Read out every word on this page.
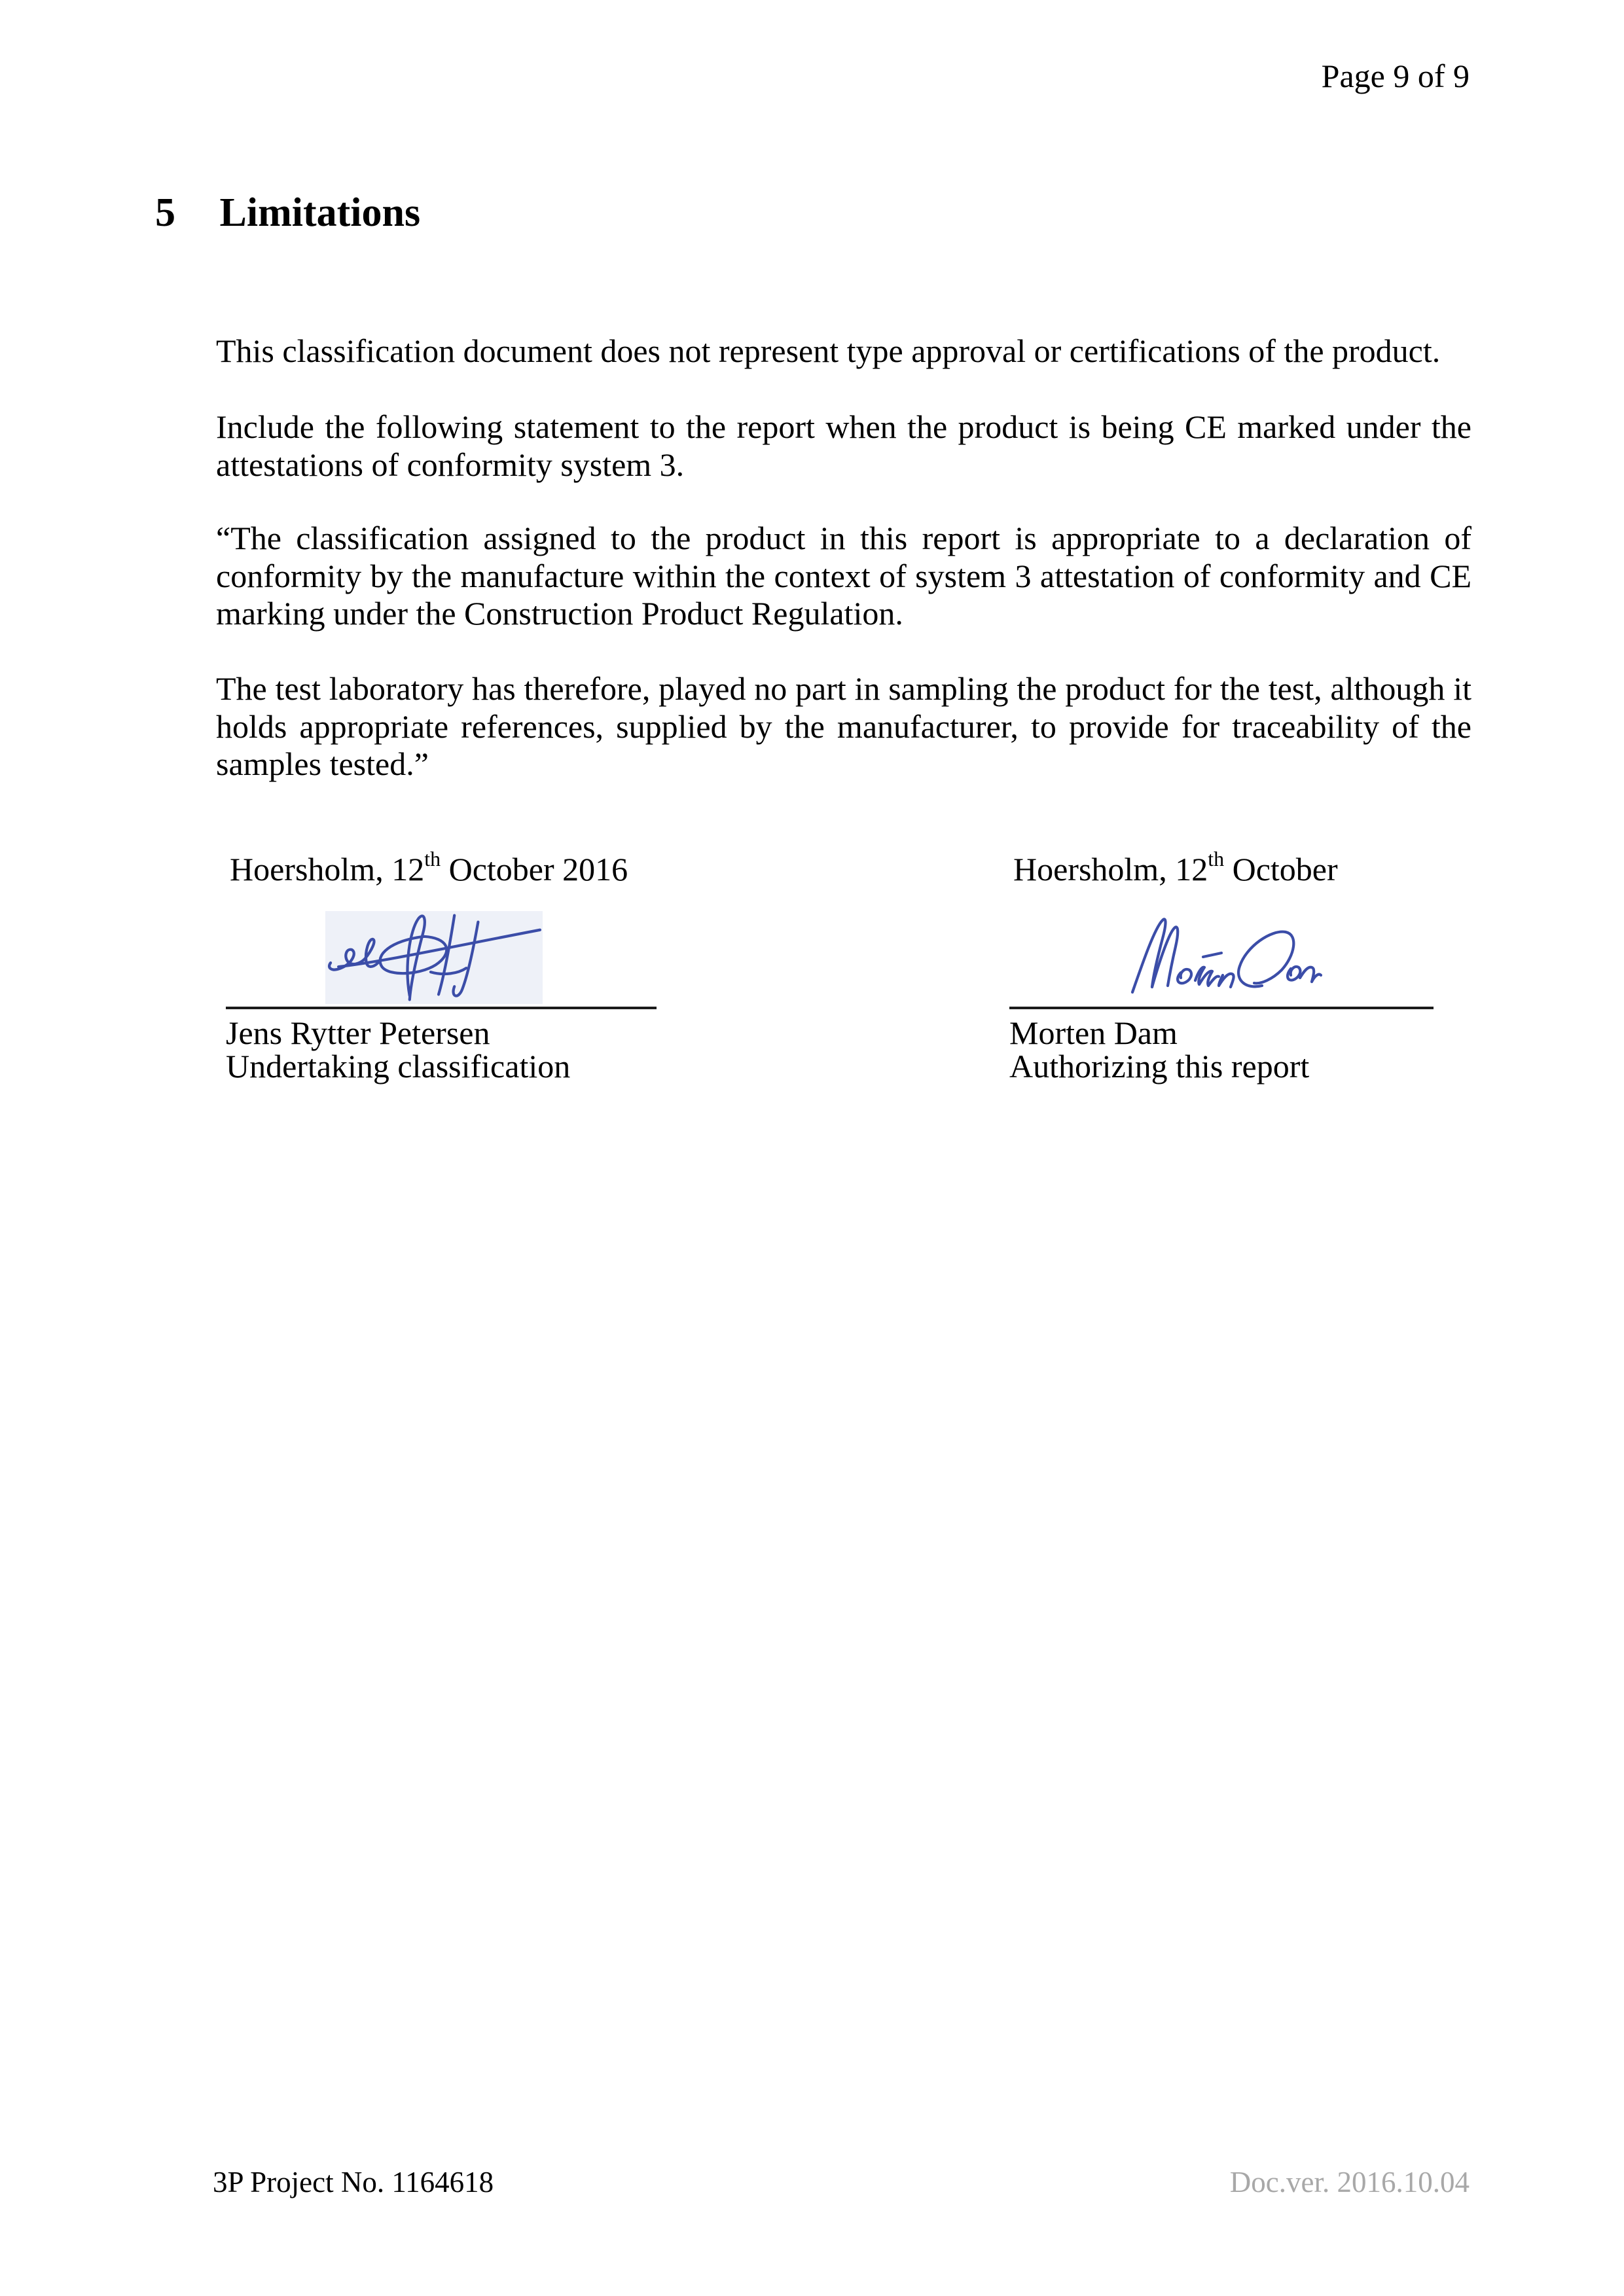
Page 9 of 9
5 Limitations

This classification document does not represent type approval or certifications of the product.

Include the following statement to the report when the product is being CE marked under the attestations of conformity system 3.

“The classification assigned to the product in this report is appropriate to a declaration of conformity by the manufacture within the context of system 3 attestation of conformity and CE marking under the Construction Product Regulation.

The test laboratory has therefore, played no part in sampling the product for the test, although it holds appropriate references, supplied by the manufacturer, to provide for traceability of the samples tested.”

Hoersholm, 12th October 2016
Jens Rytter Petersen
Undertaking classification
Hoersholm, 12th October
Morten Dam
Authorizing this report
3P Project No. 1164618	Doc.ver. 2016.10.04
